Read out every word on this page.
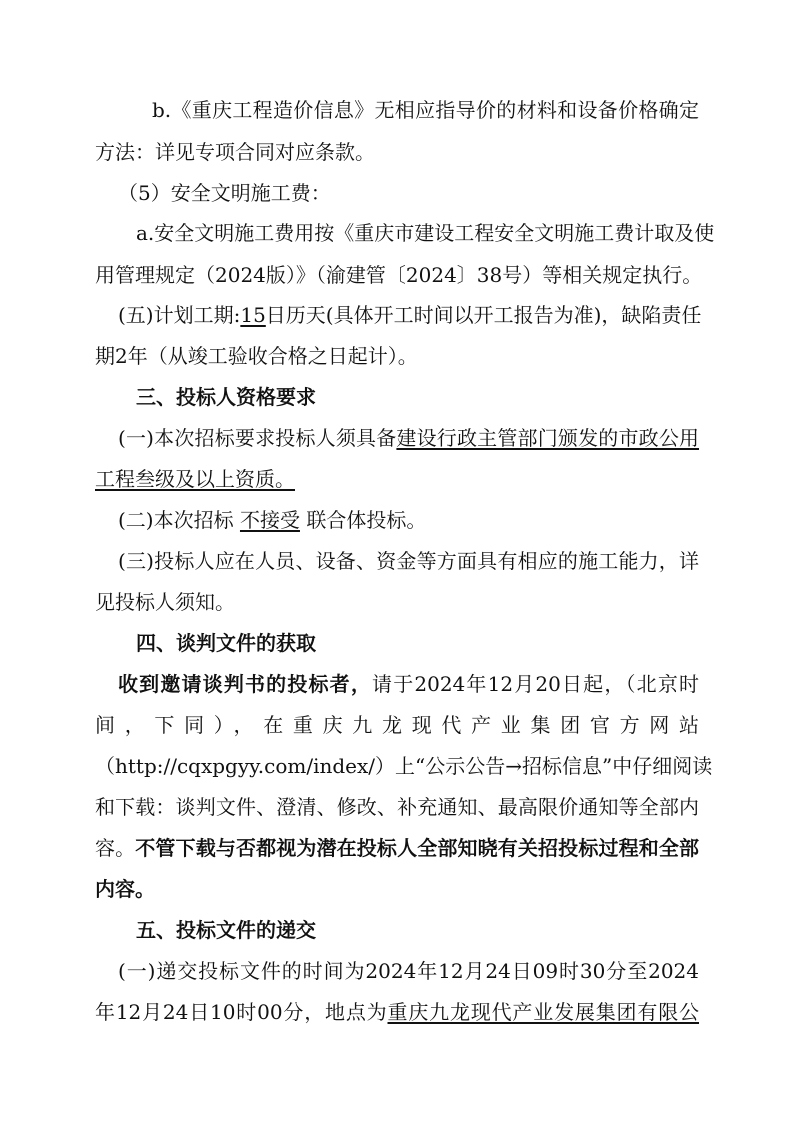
b.《重庆工程造价信息》无相应指导价的材料和设备价格确定
方法：详见专项合同对应条款。
（5）安全文明施工费：
a.安全文明施工费用按《重庆市建设工程安全文明施工费计取及使
用管理规定（2024版）》（渝建管〔2024〕38号）等相关规定执行。
(五)计划工期:15日历天(具体开工时间以开工报告为准)，缺陷责任
期2年（从竣工验收合格之日起计）。
三、投标人资格要求
(一)本次招标要求投标人须具备建设行政主管部门颁发的市政公用
工程叁级及以上资质。
(二)本次招标 不接受 联合体投标。
(三)投标人应在人员、设备、资金等方面具有相应的施工能力，详
见投标人须知。
四、谈判文件的获取
收到邀请谈判书的投标者，请于2024年12月20日起，（北京时
间，下同），在重庆九龙现代产业集团官方网站
（http://cqxpgyy.com/index/）上“公示公告→招标信息”中仔细阅读
和下载：谈判文件、澄清、修改、补充通知、最高限价通知等全部内
容。不管下载与否都视为潜在投标人全部知晓有关招投标过程和全部
内容。
五、投标文件的递交
(一)递交投标文件的时间为2024年12月24日09时30分至2024
年12月24日10时00分，地点为重庆九龙现代产业发展集团有限公
